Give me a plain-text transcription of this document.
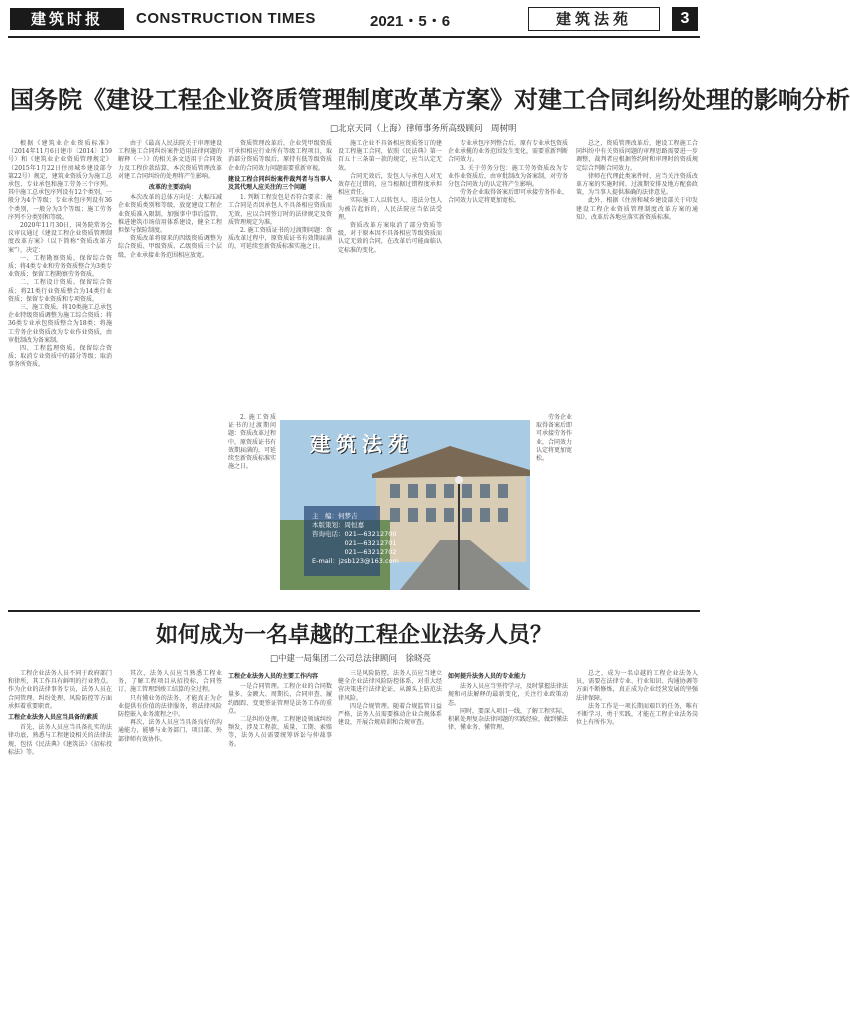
建筑时报	CONSTRUCTION TIMES	2021・5・6	建筑法苑	3
国务院《建设工程企业资质管理制度改革方案》对建工合同纠纷处理的影响分析
□北京天同（上海）律师事务所高级顾问　周树明

根据《建筑业企业资质标准》（2014年11月6日建市〔2014〕159号）和《建筑业企业资质管理规定》（2015年1月22日住房城乡建设部令第22号）规定，建筑业资质分为施工总承包、专业承包和施工劳务三个序列。其中施工总承包序列设有12个类别，一般分为4个等级；专业承包序列设有36个类别，一般分为3个等级；施工劳务序列不分类别和等级。

2020年11月30日，国务院常务会议审议通过《建设工程企业资质管理制度改革方案》（以下简称“资质改革方案”），决定：

一、工程勘察资质。保留综合资质；将4类专业和劳务资质整合为3类专业资质；保留工程勘察劳务资质。

二、工程设计资质。保留综合资质；将21类行业资质整合为14类行业资质；保留专业资质和专项资质。

三、施工资质。将10类施工总承包企业特级资质调整为施工综合资质；将36类专业承包资质整合为18类；将施工劳务企业资质改为专业作业资质，由审批制改为备案制。

四、工程监理资质。保留综合资质；取消专业资质中的部分等级；取消事务所资质。

由于《最高人民法院关于审理建设工程施工合同纠纷案件适用法律问题的解释（一）》的相关条文适用于合同效力及工程价款结算，本次资质管理改革对建工合同纠纷的处理将产生影响。

改革的主要动向

本次改革的总体方向是：大幅压减企业资质类别和等级，放宽建设工程企业资质准入限制，加强事中事后监管，推进建筑市场信用体系建设，健全工程担保与保险制度。

资质改革将原来的四级资质调整为综合资质、甲级资质、乙级资质三个层级，企业承接业务范围相应放宽。

资质管理改革后，企业凭甲级资质可承担相应行业所有等级工程项目，取消部分资质等级后，原持有低等级资质企业的合同效力问题需要重新审视。

建设工程合同纠纷案件裁判者与当事人及其代理人应关注的三个问题

1. 判断工程发包是否符合要求：施工合同是否因承包人不具备相应资质而无效，应以合同签订时的法律规定及资质管理规定为准。

2. 施工资质证书的过渡期问题：资质改革过程中，原资质证书有效期届满的，可延续至新资质标准实施之日。

施工企业不具备相应资质签订的建设工程施工合同，依照《民法典》第一百五十三条第一款的规定，应当认定无效。

合同无效后，发包人与承包人对无效存在过错的，应当根据过错程度承担相应责任。

实际施工人以转包人、违法分包人为被告起诉的，人民法院应当依法受理。

资质改革方案取消了部分资质等级，对于原本因不具备相应等级资质而认定无效的合同，在改革后可能面临认定标准的变化。

专业承包序列整合后，原有专业承包资质企业承揽的业务范围发生变化，需要重新判断合同效力。

3. 关于劳务分包：施工劳务资质改为专业作业资质后，由审批制改为备案制，对劳务分包合同效力的认定将产生影响。

劳务企业取得备案后即可承接劳务作业，合同效力认定将更加宽松。

总之，资质管理改革后，建设工程施工合同纠纷中有关资质问题的审理思路需要进一步调整，裁判者应根据签约时和审理时的资质规定综合判断合同效力。

律师在代理此类案件时，应当关注资质改革方案的实施时间、过渡期安排及地方配套政策，为当事人提供准确的法律意见。

此外，根据《住房和城乡建设部关于印发建设工程企业资质管理制度改革方案的通知》，改革后各地应落实新资质标准。

2. 施工资质证书的过渡期问题：资质改革过程中，原资质证书有效期届满的，可延续至新资质标准实施之日。

劳务企业取得备案后即可承接劳务作业，合同效力认定将更加宽松。

建筑法苑
主　编：何梦吉
本版策划：周恒嘉
咨询电话：021—63212700
　　　　　021—63212701
　　　　　021—63212702
E-mail：jzsb123@163.com
如何成为一名卓越的工程企业法务人员？
□中建一局集团二公司总法律顾问　徐晓亮

工程企业法务人员不同于政府部门和律所，其工作具有鲜明的行业特点。作为企业的法律事务专员，法务人员在合同管理、纠纷处理、风险防控等方面承担着重要职责。

工程企业法务人员应当具备的素质

首先，法务人员应当具备扎实的法律功底，熟悉与工程建设相关的法律法规，包括《民法典》《建筑法》《招标投标法》等。

其次，法务人员应当熟悉工程业务，了解工程项目从招投标、合同签订、施工管理到竣工结算的全过程。

只有懂业务的法务，才能真正为企业提供有价值的法律服务，将法律风险防控嵌入业务流程之中。

再次，法务人员应当具备良好的沟通能力，能够与业务部门、项目部、外部律师有效协作。

工程企业法务人员的主要工作内容

一是合同管理。工程企业的合同数量多、金额大、周期长，合同审查、履约跟踪、变更签证管理是法务工作的重点。

二是纠纷处理。工程建设领域纠纷频发，涉及工程款、质量、工期、索赔等，法务人员需要统筹诉讼与仲裁事务。

三是风险防控。法务人员应当建立健全企业法律风险防控体系，对重大经营决策进行法律论证，从源头上防范法律风险。

四是合规管理。随着合规监管日益严格，法务人员需要推动企业合规体系建设，开展合规培训和合规审查。

如何提升法务人员的专业能力

法务人员应当坚持学习，及时掌握法律法规和司法解释的最新变化，关注行业政策动态。

同时，要深入项目一线，了解工程实际，积累处理复杂法律问题的实践经验，做到懂法律、懂业务、懂管理。

总之，成为一名卓越的工程企业法务人员，需要在法律专业、行业知识、沟通协调等方面不断修炼，真正成为企业经营发展的坚强法律保障。

法务工作是一项长期而艰巨的任务，唯有不断学习、勇于实践，才能在工程企业法务岗位上有所作为。
